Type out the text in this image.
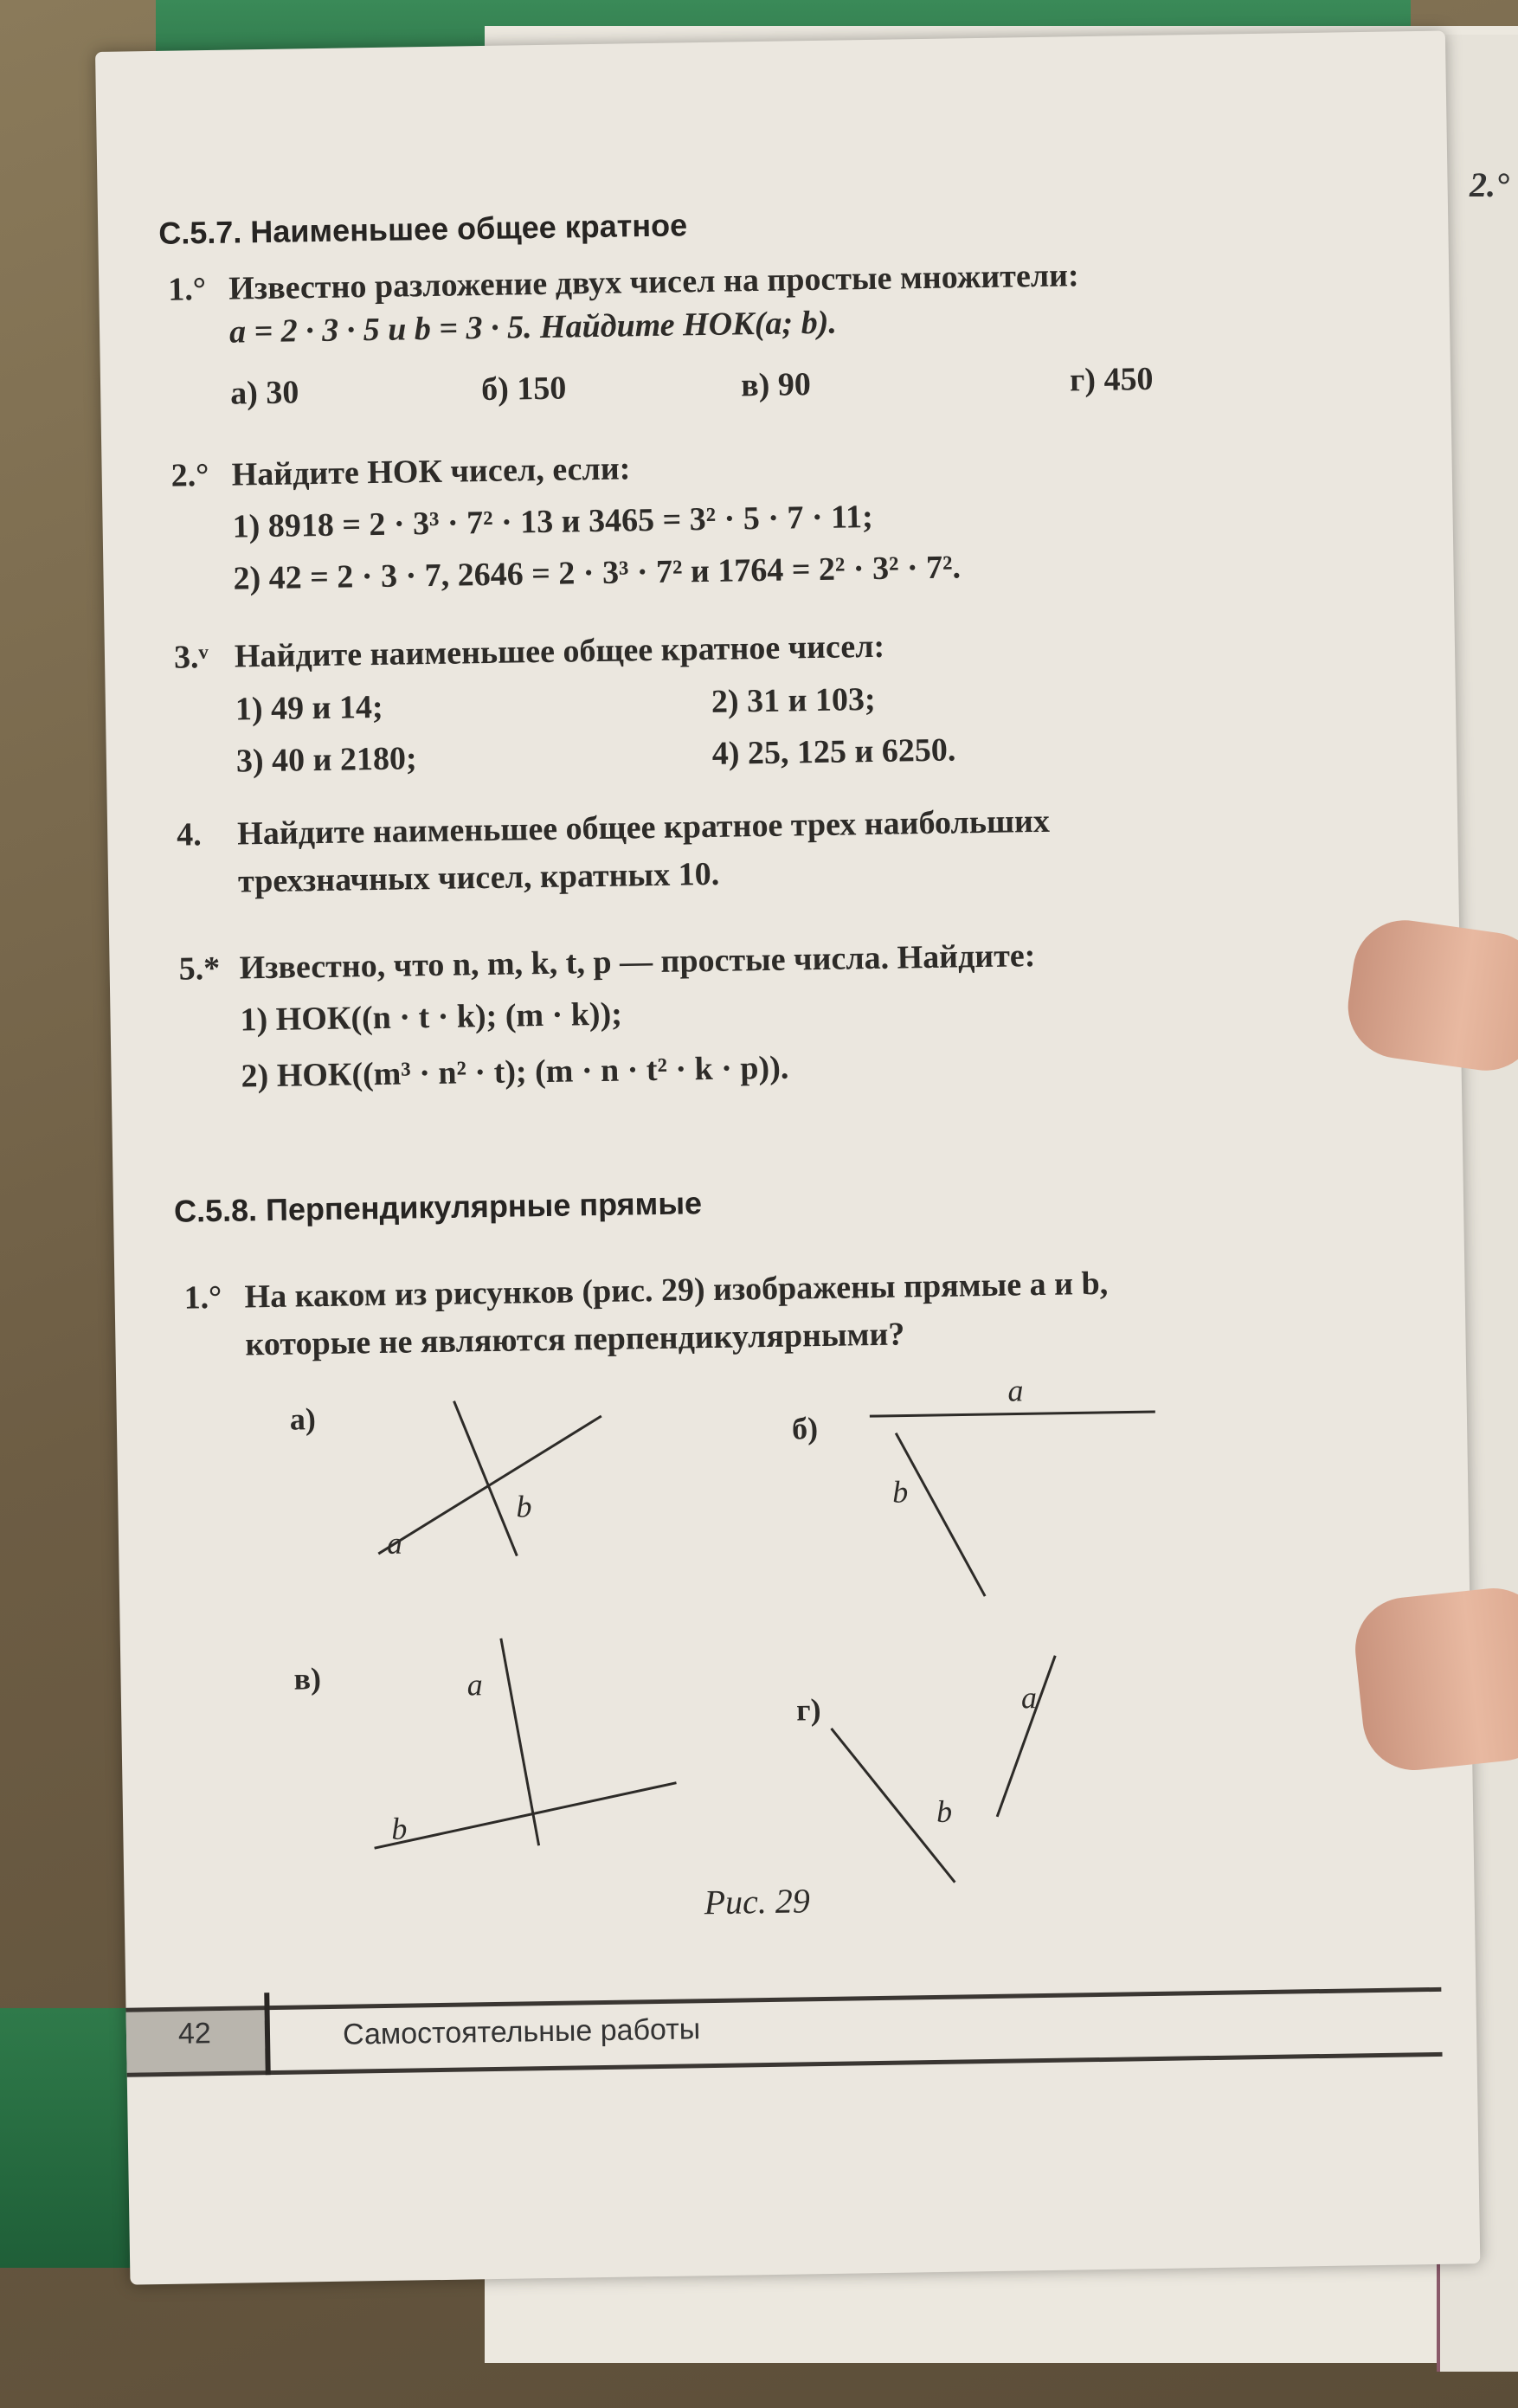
2.°
С.5.7. Наименьшее общее кратное
1.° Известно разложение двух чисел на простые множители:
a = 2 · 3 · 5 и b = 3 · 5. Найдите НОК(a; b).
а) 30	б) 150	в) 90	г) 450
2.° Найдите НОК чисел, если:
1) 8918 = 2 · 3³ · 7² · 13 и 3465 = 3² · 5 · 7 · 11;
2) 42 = 2 · 3 · 7, 2646 = 2 · 3³ · 7² и 1764 = 2² · 3² · 7².
3.ᵛ Найдите наименьшее общее кратное чисел:
1) 49 и 14;	2) 31 и 103;
3) 40 и 2180;	4) 25, 125 и 6250.
4. Найдите наименьшее общее кратное трех наибольших
трехзначных чисел, кратных 10.
5.* Известно, что n, m, k, t, p — простые числа. Найдите:
1) НОК((n · t · k); (m · k));
2) НОК((m³ · n² · t); (m · n · t² · k · p)).
С.5.8. Перпендикулярные прямые
1.° На каком из рисунков (рис. 29) изображены прямые a и b,
которые не являются перпендикулярными?
а)
a
b
б)
a
b
в)	a
b
г)	a
b
Рис. 29
42	Самостоятельные работы
